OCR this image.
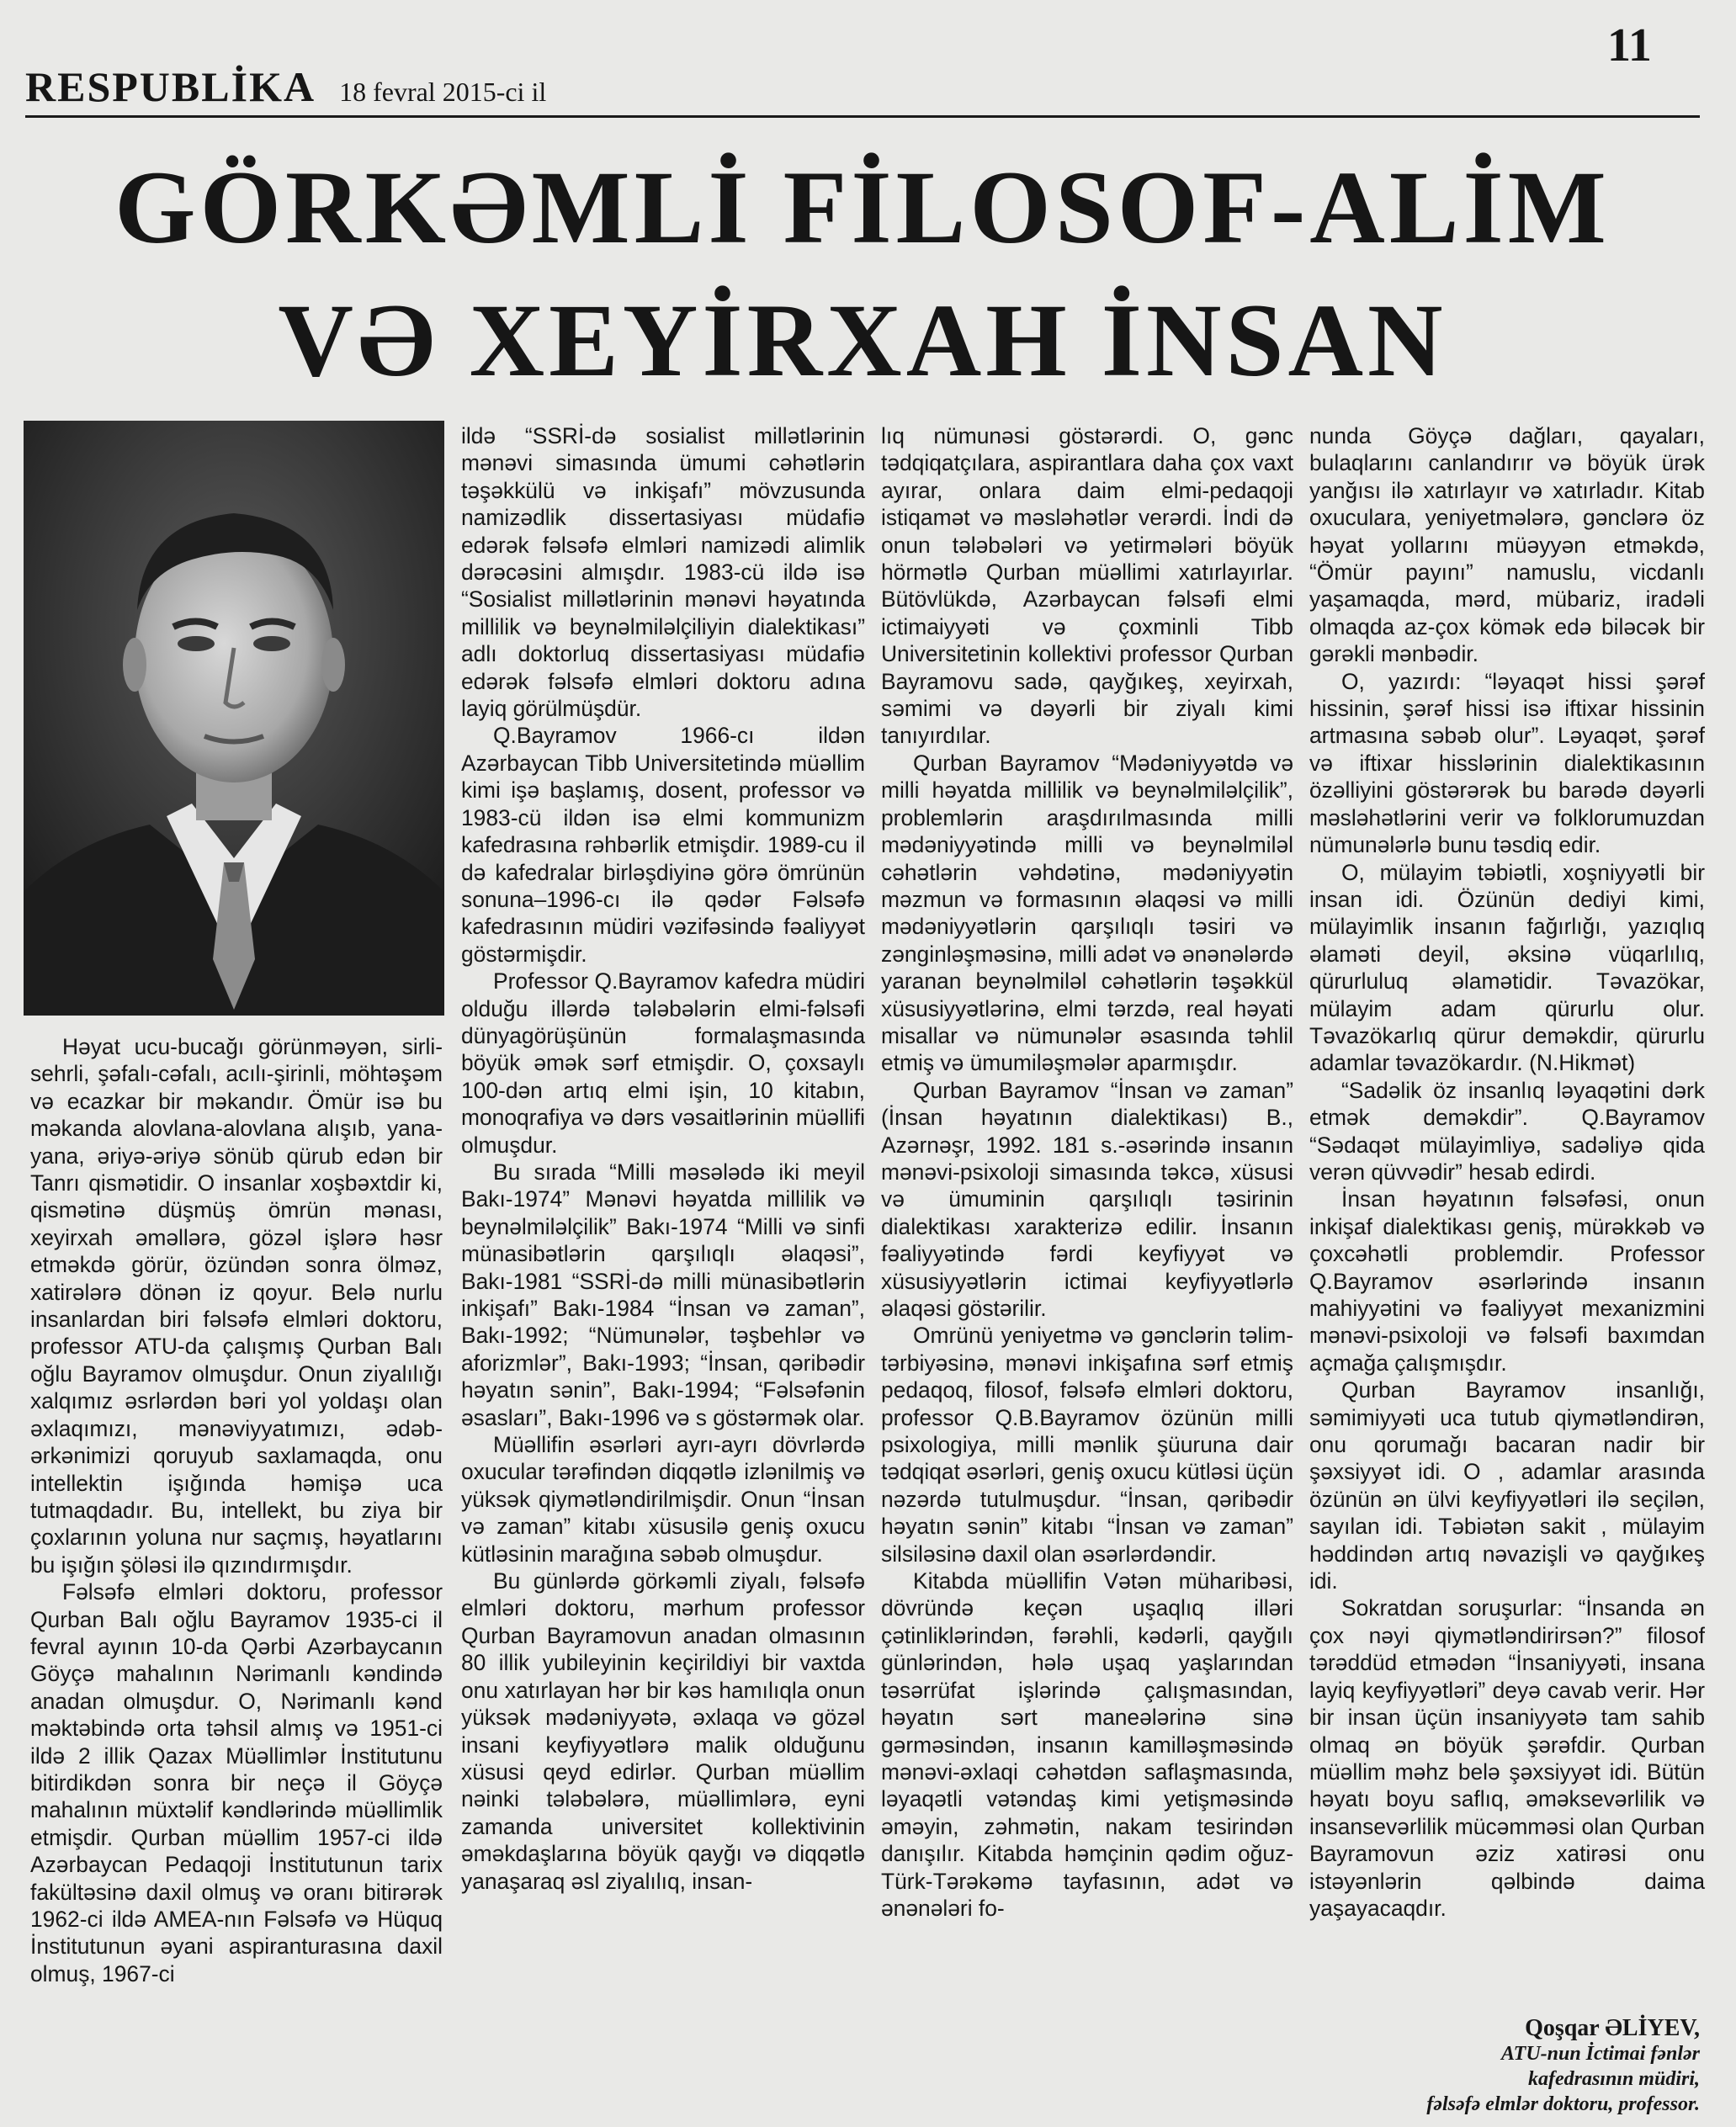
11
RESPUBLİKA 18 fevral 2015-ci il
GÖRKƏMLİ FİLOSOF-ALİM
VƏ XEYİRXAH İNSAN

Həyat ucu-bucağı görünməyən, sirli-sehrli, şəfalı-cəfalı, acılı-şirinli, möhtəşəm və ecazkar bir məkandır. Ömür isə bu məkanda alovlana-alovlana alışıb, yana-yana, əriyə-əriyə sönüb qürub edən bir Tanrı qismətidir. O insanlar xoşbəxtdir ki, qismətinə düşmüş ömrün mənası, xeyirxah əməllərə, gözəl işlərə həsr etməkdə görür, özündən sonra ölməz, xatirələrə dönən iz qoyur. Belə nurlu insanlardan biri fəlsəfə elmləri doktoru, professor ATU-da çalışmış Qurban Balı oğlu Bayramov olmuşdur. Onun ziyalılığı xalqımız əsrlərdən bəri yol yoldaşı olan əxlaqımızı, mənəviyyatımızı, ədəb-ərkənimizi qoruyub saxlamaqda, onu intellektin işığında həmişə uca tutmaqdadır. Bu, intellekt, bu ziya bir çoxlarının yoluna nur saçmış, həyatlarını bu işığın şöləsi ilə qızındırmışdır.

Fəlsəfə elmləri doktoru, professor Qurban Balı oğlu Bayramov 1935-ci il fevral ayının 10-da Qərbi Azərbaycanın Göyçə mahalının Nərimanlı kəndində anadan olmuşdur. O, Nərimanlı kənd məktəbində orta təhsil almış və 1951-ci ildə 2 illik Qazax Müəllimlər İnstitutunu bitirdikdən sonra bir neçə il Göyçə mahalının müxtəlif kəndlərində müəllimlik etmişdir. Qurban müəllim 1957-ci ildə Azərbaycan Pedaqoji İnstitutunun tarix fakültəsinə daxil olmuş və oranı bitirərək 1962-ci ildə AMEA-nın Fəlsəfə və Hüquq İnstitutunun əyani aspiranturasına daxil olmuş, 1967-ci

ildə “SSRİ-də sosialist millətlərinin mənəvi simasında ümumi cəhətlərin təşəkkülü və inkişafı” mövzusunda namizədlik dissertasiyası müdafiə edərək fəlsəfə elmləri namizədi alimlik dərəcəsini almışdır. 1983-cü ildə isə “Sosialist millətlərinin mənəvi həyatında millilik və beynəlmiləlçiliyin dialektikası” adlı doktorluq dissertasiyası müdafiə edərək fəlsəfə elmləri doktoru adına layiq görülmüşdür.

Q.Bayramov 1966-cı ildən Azərbaycan Tibb Universitetində müəllim kimi işə başlamış, dosent, professor və 1983-cü ildən isə elmi kommunizm kafedrasına rəhbərlik etmişdir. 1989-cu il də kafedralar birləşdiyinə görə ömrünün sonuna–1996-cı ilə qədər Fəlsəfə kafedrasının müdiri vəzifəsində fəaliyyət göstərmişdir.

Professor Q.Bayramov kafedra müdiri olduğu illərdə tələbələrin elmi-fəlsəfi dünyagörüşünün formalaşmasında böyük əmək sərf etmişdir. O, çoxsaylı 100-dən artıq elmi işin, 10 kitabın, monoqrafiya və dərs vəsaitlərinin müəllifi olmuşdur.

Bu sırada “Milli məsələdə iki meyil Bakı-1974” Mənəvi həyatda millilik və beynəlmiləlçilik” Bakı-1974 “Milli və sinfi münasibətlərin qarşılıqlı əlaqəsi”, Bakı-1981 “SSRİ-də milli münasibətlərin inkişafı” Bakı-1984 “İnsan və zaman”, Bakı-1992; “Nümunələr, təşbehlər və aforizmlər”, Bakı-1993; “İnsan, qəribədir həyatın sənin”, Bakı-1994; “Fəlsəfənin əsasları”, Bakı-1996 və s göstərmək olar.

Müəllifin əsərləri ayrı-ayrı dövrlərdə oxucular tərəfindən diqqətlə izlənilmiş və yüksək qiymətləndirilmişdir. Onun “İnsan və zaman” kitabı xüsusilə geniş oxucu kütləsinin marağına səbəb olmuşdur.

Bu günlərdə görkəmli ziyalı, fəlsəfə elmləri doktoru, mərhum professor Qurban Bayramovun anadan olmasının 80 illik yubileyinin keçirildiyi bir vaxtda onu xatırlayan hər bir kəs hamılıqla onun yüksək mədəniyyətə, əxlaqa və gözəl insani keyfiyyətlərə malik olduğunu xüsusi qeyd edirlər. Qurban müəllim nəinki tələbələrə, müəllimlərə, eyni zamanda universitet kollektivinin əməkdaşlarına böyük qayğı və diqqətlə yanaşaraq əsl ziyalılıq, insan-

lıq nümunəsi göstərərdi. O, gənc tədqiqatçılara, aspirantlara daha çox vaxt ayırar, onlara daim elmi-pedaqoji istiqamət və məsləhətlər verərdi. İndi də onun tələbələri və yetirmələri böyük hörmətlə Qurban müəllimi xatırlayırlar. Bütövlükdə, Azərbaycan fəlsəfi elmi ictimaiyyəti və çoxminli Tibb Universitetinin kollektivi professor Qurban Bayramovu sadə, qayğıkeş, xeyirxah, səmimi və dəyərli bir ziyalı kimi tanıyırdılar.

Qurban Bayramov “Mədəniyyətdə və milli həyatda millilik və beynəlmiləlçilik”, problemlərin araşdırılmasında milli mədəniyyətində milli və beynəlmiləl cəhətlərin vəhdətinə, mədəniyyətin məzmun və formasının əlaqəsi və milli mədəniyyətlərin qarşılıqlı təsiri və zənginləşməsinə, milli adət və ənənələrdə yaranan beynəlmiləl cəhətlərin təşəkkül xüsusiyyətlərinə, elmi tərzdə, real həyati misallar və nümunələr əsasında təhlil etmiş və ümumiləşmələr aparmışdır.

Qurban Bayramov “İnsan və zaman” (İnsan həyatının dialektikası) B., Azərnəşr, 1992. 181 s.-əsərində insanın mənəvi-psixoloji simasında təkcə, xüsusi və ümuminin qarşılıqlı təsirinin dialektikası xarakterizə edilir. İnsanın fəaliyyətində fərdi keyfiyyət və xüsusiyyətlərin ictimai keyfiyyətlərlə əlaqəsi göstərilir.

Omrünü yeniyetmə və gənclərin təlim-tərbiyəsinə, mənəvi inkişafına sərf etmiş pedaqoq, filosof, fəlsəfə elmləri doktoru, professor Q.B.Bayramov özünün milli psixologiya, milli mənlik şüuruna dair tədqiqat əsərləri, geniş oxucu kütləsi üçün nəzərdə tutulmuşdur. “İnsan, qəribədir həyatın sənin” kitabı “İnsan və zaman” silsiləsinə daxil olan əsərlərdəndir.

Kitabda müəllifin Vətən müharibəsi, dövründə keçən uşaqlıq illəri çətinliklərindən, fərəhli, kədərli, qayğılı günlərindən, hələ uşaq yaşlarından təsərrüfat işlərində çalışmasından, həyatın sərt maneələrinə sinə gərməsindən, insanın kamilləşməsində mənəvi-əxlaqi cəhətdən saflaşmasında, ləyaqətli vətəndaş kimi yetişməsində əməyin, zəhmətin, nakam tesirindən danışılır. Kitabda həmçinin qədim oğuz-Türk-Tərəkəmə tayfasının, adət və ənənələri fo-

nunda Göyçə dağları, qayaları, bulaqlarını canlandırır və böyük ürək yanğısı ilə xatırlayır və xatırladır. Kitab oxuculara, yeniyetmələrə, gənclərə öz həyat yollarını müəyyən etməkdə, “Ömür payını” namuslu, vicdanlı yaşamaqda, mərd, mübariz, iradəli olmaqda az-çox kömək edə biləcək bir gərəkli mənbədir.

O, yazırdı: “ləyaqət hissi şərəf hissinin, şərəf hissi isə iftixar hissinin artmasına səbəb olur”. Ləyaqət, şərəf və iftixar hisslərinin dialektikasının özəlliyini göstərərək bu barədə dəyərli məsləhətlərini verir və folklorumuzdan nümunələrlə bunu təsdiq edir.

O, mülayim təbiətli, xoşniyyətli bir insan idi. Özünün dediyi kimi, mülayimlik insanın fağırlığı, yazıqlıq əlaməti deyil, əksinə vüqarlılıq, qürurluluq əlamətidir. Təvazökar, mülayim adam qürurlu olur. Təvazökarlıq qürur deməkdir, qürurlu adamlar təvazökardır. (N.Hikmət)

“Sadəlik öz insanlıq ləyaqətini dərk etmək deməkdir”. Q.Bayramov “Sədaqət mülayimliyə, sadəliyə qida verən qüvvədir” hesab edirdi.

İnsan həyatının fəlsəfəsi, onun inkişaf dialektikası geniş, mürəkkəb və çoxcəhətli problemdir. Professor Q.Bayramov əsərlərində insanın mahiyyətini və fəaliyyət mexanizmini mənəvi-psixoloji və fəlsəfi baxımdan açmağa çalışmışdır.

Qurban Bayramov insanlığı, səmimiyyəti uca tutub qiymətləndirən, onu qorumağı bacaran nadir bir şəxsiyyət idi. O , adamlar arasında özünün ən ülvi keyfiyyətləri ilə seçilən, sayılan idi. Təbiətən sakit , mülayim həddindən artıq nəvazişli və qayğıkeş idi.

Sokratdan soruşurlar: “İnsanda ən çox nəyi qiymətləndirirsən?” filosof tərəddüd etmədən “İnsaniyyəti, insana layiq keyfiyyətləri” deyə cavab verir. Hər bir insan üçün insaniyyətə tam sahib olmaq ən böyük şərəfdir. Qurban müəllim məhz belə şəxsiyyət idi. Bütün həyatı boyu saflıq, əməksevərlilik və insansevərlilik mücəmməsi olan Qurban Bayramovun əziz xatirəsi onu istəyənlərin qəlbində daima yaşayacaqdır.

Qoşqar ƏLİYEV,
ATU-nun İctimai fənlər
kafedrasının müdiri,
fəlsəfə elmlər doktoru, professor.
